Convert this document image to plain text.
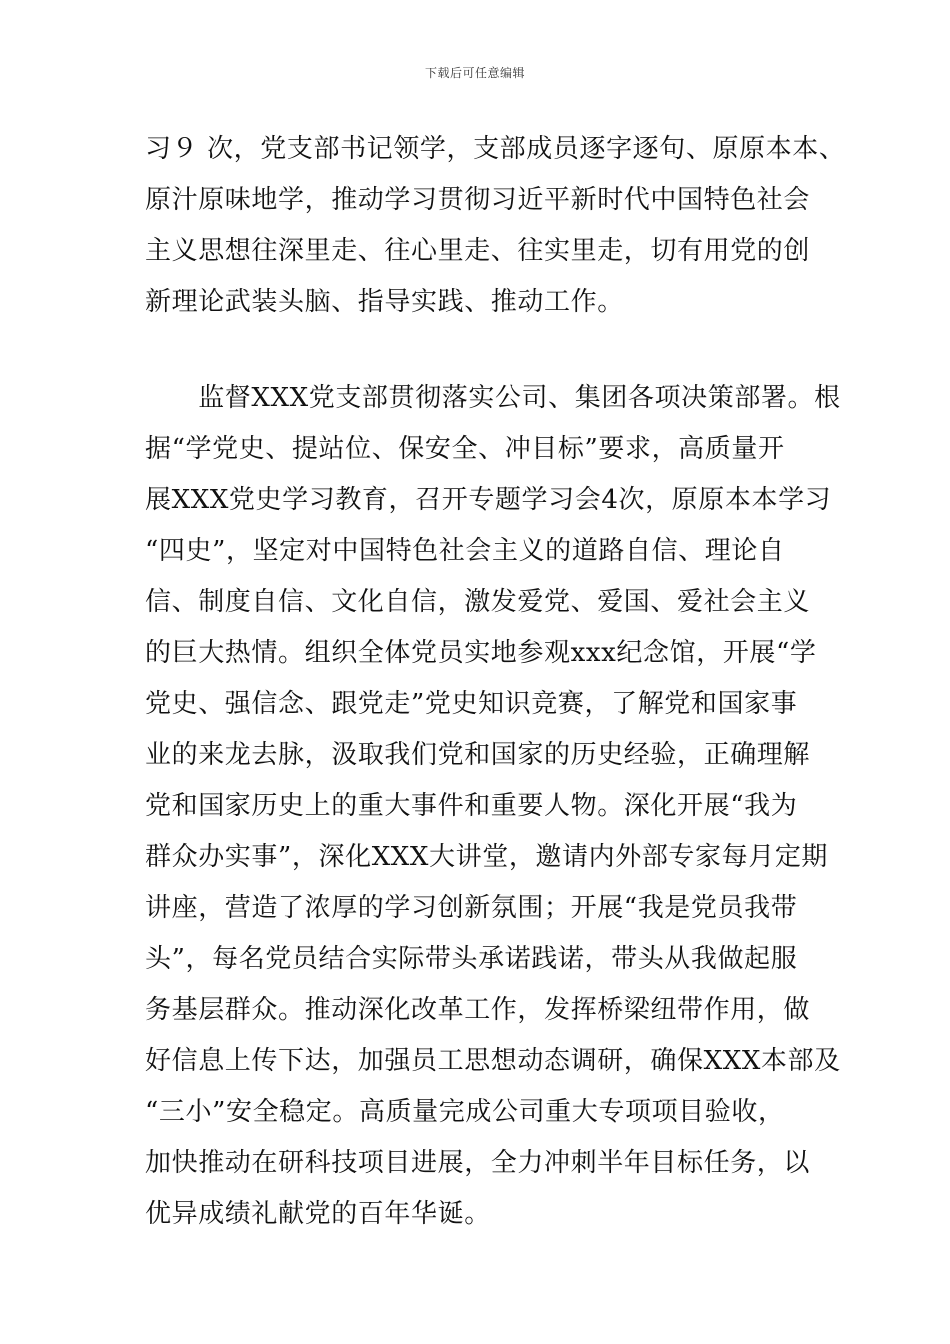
下载后可任意编辑
习９ 次，党支部书记领学，支部成员逐字逐句、原原本本、
原汁原味地学，推动学习贯彻习近平新时代中国特色社会
主义思想往深里走、往心里走、往实里走，切有用党的创
新理论武装头脑、指导实践、推动工作。
　　监督XXX党支部贯彻落实公司、集团各项决策部署。根
据“学党史、提站位、保安全、冲目标”要求，高质量开
展XXX党史学习教育，召开专题学习会4次，原原本本学习
“四史”，坚定对中国特色社会主义的道路自信、理论自
信、制度自信、文化自信，激发爱党、爱国、爱社会主义
的巨大热情。组织全体党员实地参观xxx纪念馆，开展“学
党史、强信念、跟党走”党史知识竞赛，了解党和国家事
业的来龙去脉，汲取我们党和国家的历史经验，正确理解
党和国家历史上的重大事件和重要人物。深化开展“我为
群众办实事”，深化XXX大讲堂，邀请内外部专家每月定期
讲座，营造了浓厚的学习创新氛围；开展“我是党员我带
头”，每名党员结合实际带头承诺践诺，带头从我做起服
务基层群众。推动深化改革工作，发挥桥梁纽带作用，做
好信息上传下达，加强员工思想动态调研，确保XXX本部及
“三小”安全稳定。高质量完成公司重大专项项目验收，
加快推动在研科技项目进展，全力冲刺半年目标任务，以
优异成绩礼献党的百年华诞。
